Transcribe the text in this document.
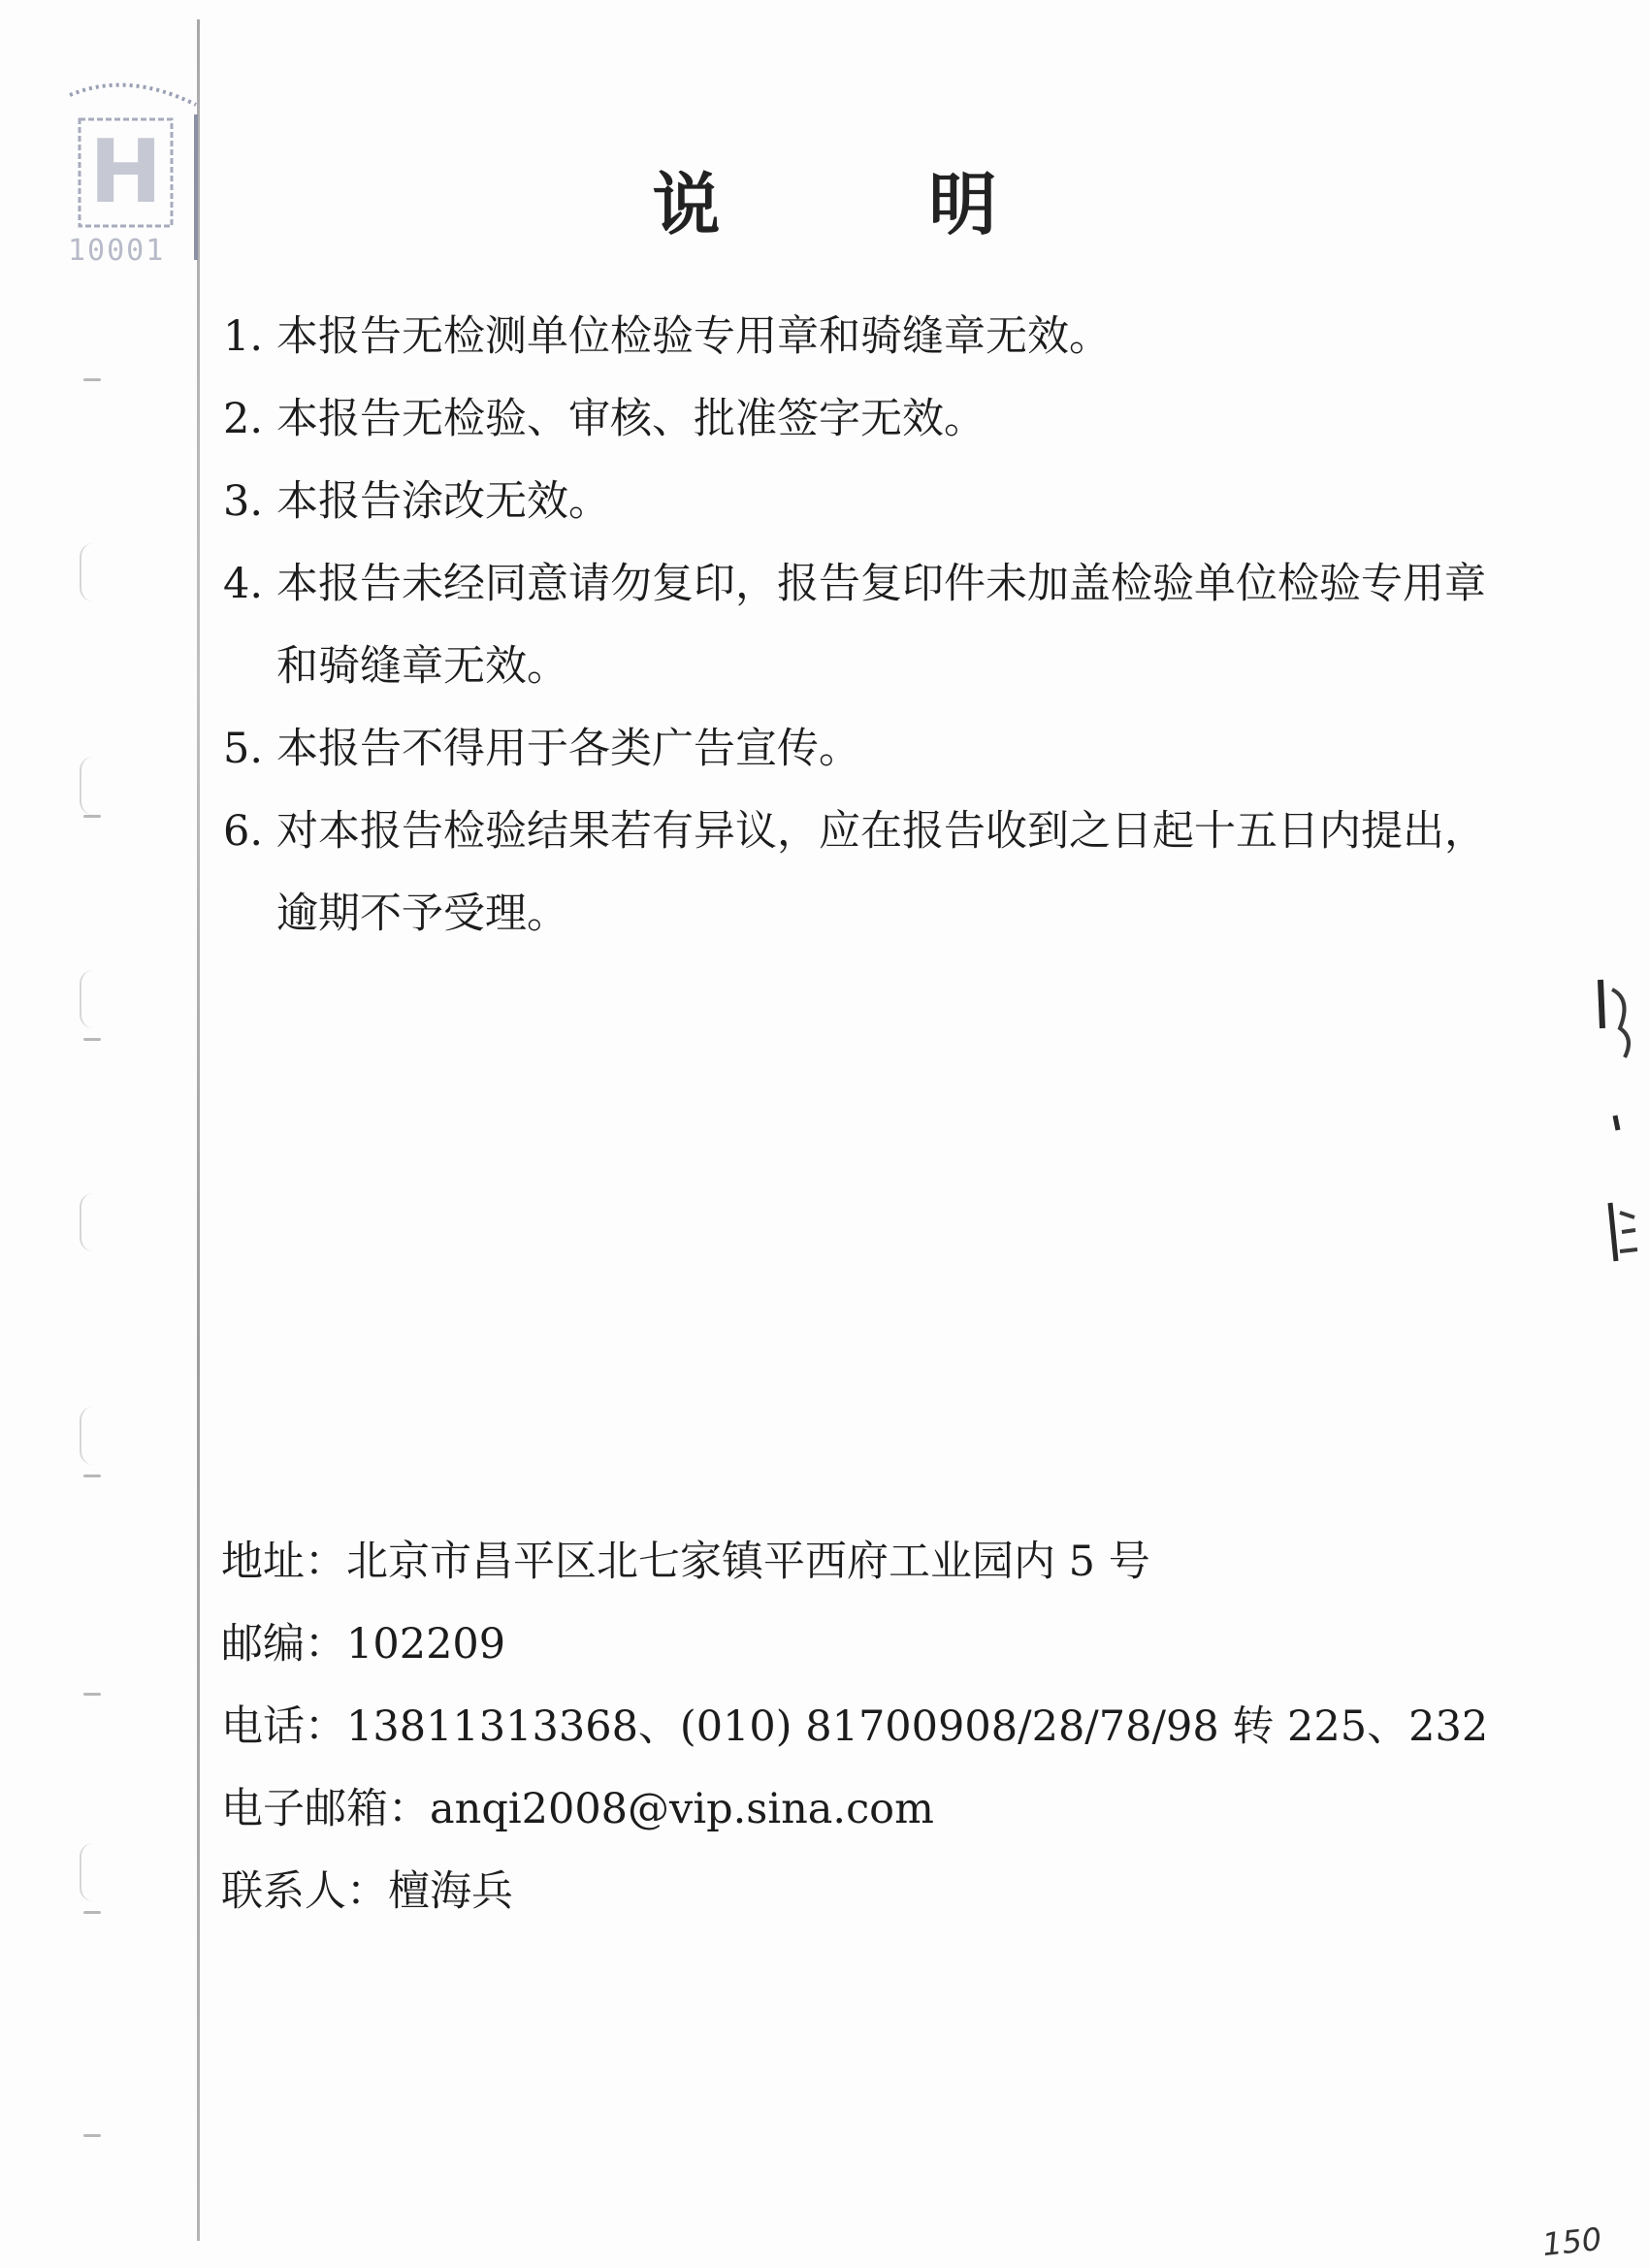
H
10001
说	明
1. 本报告无检测单位检验专用章和骑缝章无效。
2. 本报告无检验、审核、批准签字无效。
3. 本报告涂改无效。
4. 本报告未经同意请勿复印，报告复印件未加盖检验单位检验专用章和骑缝章无效。
5. 本报告不得用于各类广告宣传。
6. 对本报告检验结果若有异议，应在报告收到之日起十五日内提出，逾期不予受理。
地址：北京市昌平区北七家镇平西府工业园内 5 号
邮编：102209
电话：13811313368、(010) 81700908/28/78/98 转 225、232
电子邮箱：anqi2008@vip.sina.com
联系人：檀海兵
150
